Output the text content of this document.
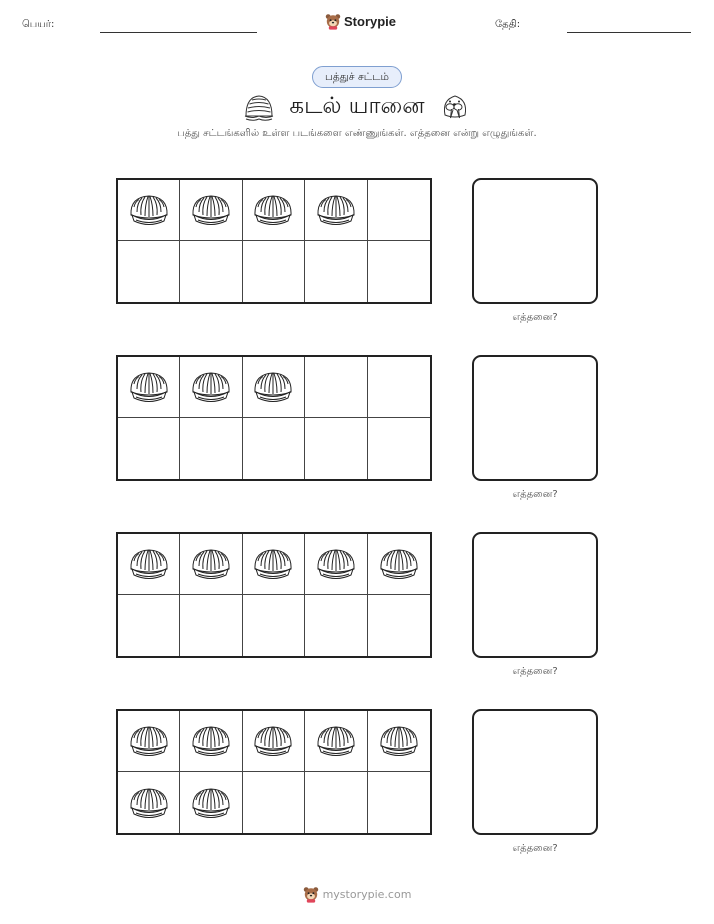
பெயர்:	Storypie	தேதி:
பத்துச் சட்டம்
கடல் யானை
பத்து சட்டங்களில் உள்ள படங்களை எண்ணுங்கள். எத்தனை என்று எழுதுங்கள்.
எத்தனை?
எத்தனை?
எத்தனை?
எத்தனை?
mystorypie.com
